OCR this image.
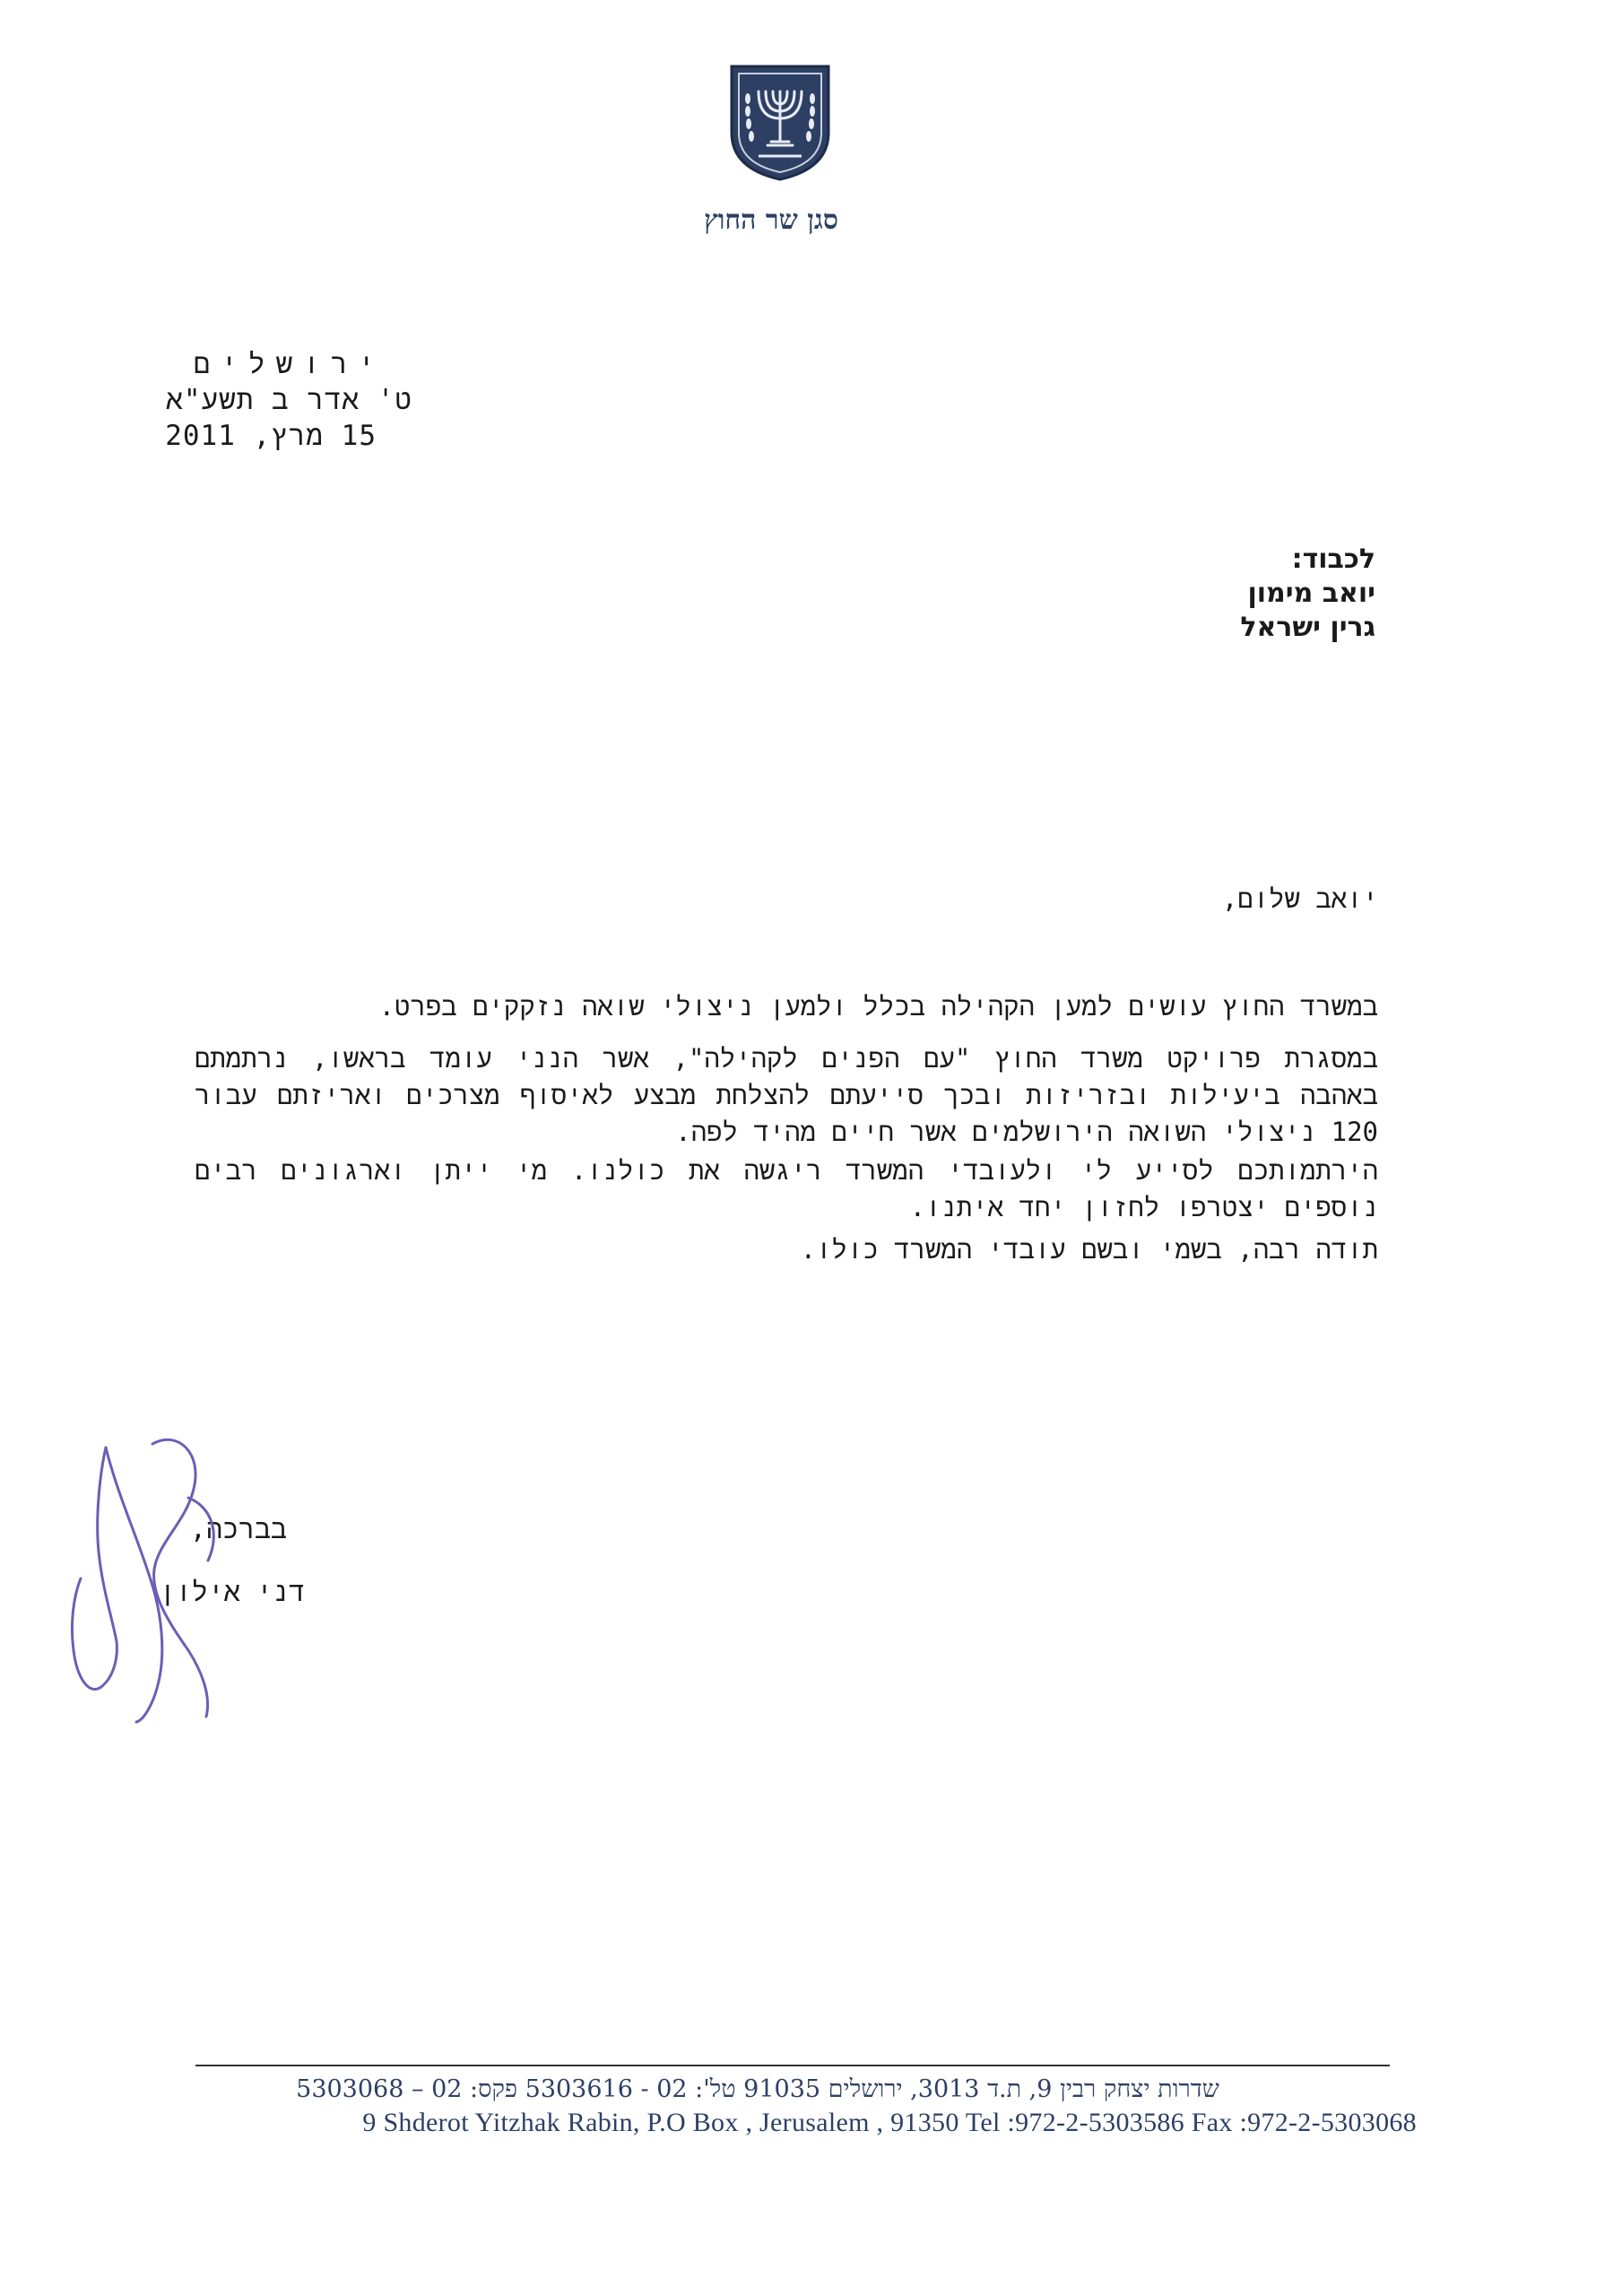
סגן שר החוץ
ירושלים
ט' אדר ב תשע"א
15 מרץ, 2011
לכבוד:
יואב מימון
גרין ישראל
יואב שלום,
במשרד החוץ עושים למען הקהילה בכלל ולמען ניצולי שואה נזקקים בפרט.
במסגרת פרויקט משרד החוץ "עם הפנים לקהילה", אשר הנני עומד בראשו, נרתמתם באהבה ביעילות ובזריזות ובכך סייעתם להצלחת מבצע לאיסוף מצרכים ואריזתם עבור 120 ניצולי השואה הירושלמים אשר חיים מהיד לפה.
הירתמותכם לסייע לי ולעובדי המשרד ריגשה את כולנו. מי ייתן וארגונים רבים נוספים יצטרפו לחזון יחד איתנו.
תודה רבה, בשמי ובשם עובדי המשרד כולו.
בברכה,
דני אילון
שדרות יצחק רבין 9, ת.ד 3013, ירושלים 91035 טל': 02 - 5303616 פקס: 02 – 5303068
9 Shderot Yitzhak Rabin, P.O Box , Jerusalem , 91350 Tel :972-2-5303586 Fax :972-2-5303068
